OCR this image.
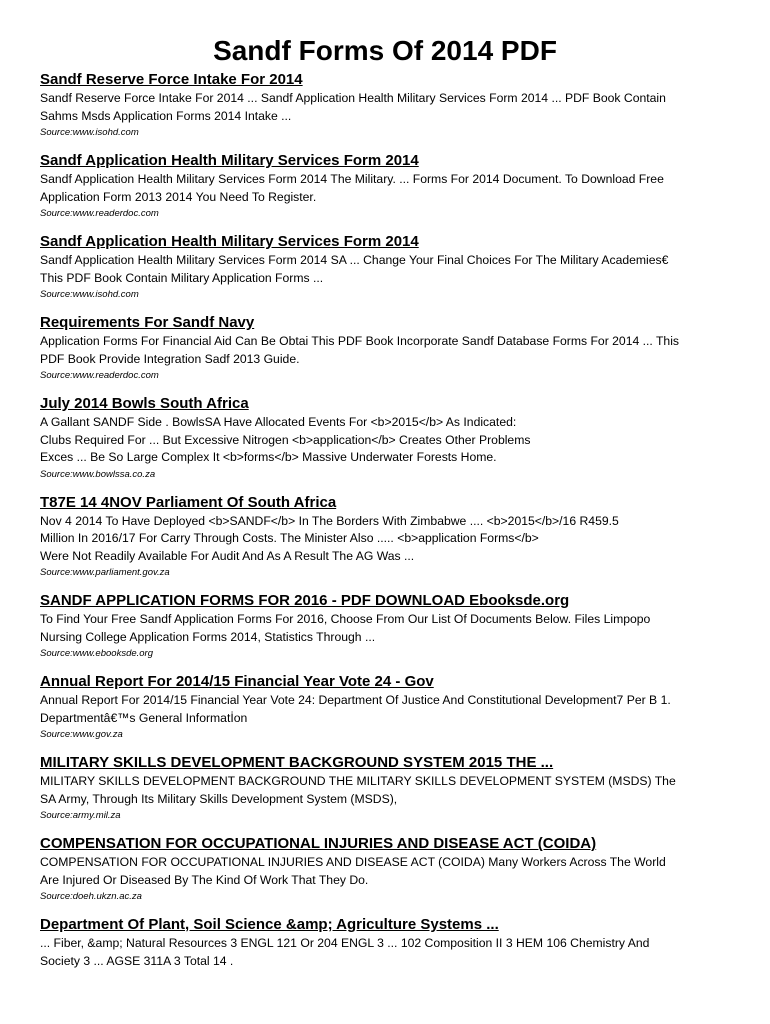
Sandf Forms Of 2014 PDF
Sandf Reserve Force Intake For 2014
Sandf Reserve Force Intake For 2014 ... Sandf Application Health Military Services Form 2014 ... PDF Book Contain
Sahms Msds Application Forms 2014 Intake ...
Source:www.isohd.com
Sandf Application Health Military Services Form 2014
Sandf Application Health Military Services Form 2014 The Military. ... Forms For 2014 Document. To Download Free
Application Form 2013 2014 You Need To Register.
Source:www.readerdoc.com
Sandf Application Health Military Services Form 2014
Sandf Application Health Military Services Form 2014 SA ... Change Your Final Choices For The Military Academies€
This PDF Book Contain Military Application Forms ...
Source:www.isohd.com
Requirements For Sandf Navy
Application Forms For Financial Aid Can Be Obtai This PDF Book Incorporate Sandf Database Forms For 2014 ... This
PDF Book Provide Integration Sadf 2013 Guide.
Source:www.readerdoc.com
July 2014 Bowls South Africa
A Gallant SANDF Side . BowlsSA Have Allocated Events For <b>2015</b> As Indicated:
Clubs Required For ... But Excessive Nitrogen <b>application</b> Creates Other Problems
Exces ... Be So Large Complex It <b>forms</b> Massive Underwater Forests Home.
Source:www.bowlssa.co.za
T87E 14 4NOV Parliament Of South Africa
Nov 4 2014 To Have Deployed <b>SANDF</b> In The Borders With Zimbabwe .... <b>2015</b>/16 R459.5
Million In 2016/17 For Carry Through Costs. The Minister Also ..... <b>application Forms</b>
Were Not Readily Available For Audit And As A Result The AG Was ...
Source:www.parliament.gov.za
SANDF APPLICATION FORMS FOR 2016 - PDF DOWNLOAD Ebooksde.org
To Find Your Free Sandf Application Forms For 2016, Choose From Our List Of Documents Below. Files Limpopo
Nursing College Application Forms 2014, Statistics Through ...
Source:www.ebooksde.org
Annual Report For 2014/15 Financial Year Vote 24 - Gov
Annual Report For 2014/15 Financial Year Vote 24: Department Of Justice And Constitutional Development7 Per B 1.
Departmentâ€™s General Informatİon
Source:www.gov.za
MILITARY SKILLS DEVELOPMENT BACKGROUND SYSTEM 2015 THE ...
MILITARY SKILLS DEVELOPMENT BACKGROUND THE MILITARY SKILLS DEVELOPMENT SYSTEM (MSDS) The
SA Army, Through Its Military Skills Development System (MSDS),
Source:army.mil.za
COMPENSATION FOR OCCUPATIONAL INJURIES AND DISEASE ACT (COIDA)
COMPENSATION FOR OCCUPATIONAL INJURIES AND DISEASE ACT (COIDA) Many Workers Across The World
Are Injured Or Diseased By The Kind Of Work That They Do.
Source:doeh.ukzn.ac.za
Department Of Plant, Soil Science &amp; Agriculture Systems ...
... Fiber, &amp; Natural Resources 3 ENGL 121 Or 204 ENGL 3 ... 102 Composition II 3 HEM 106 Chemistry And
Society 3 ... AGSE 311A 3 Total 14 .
